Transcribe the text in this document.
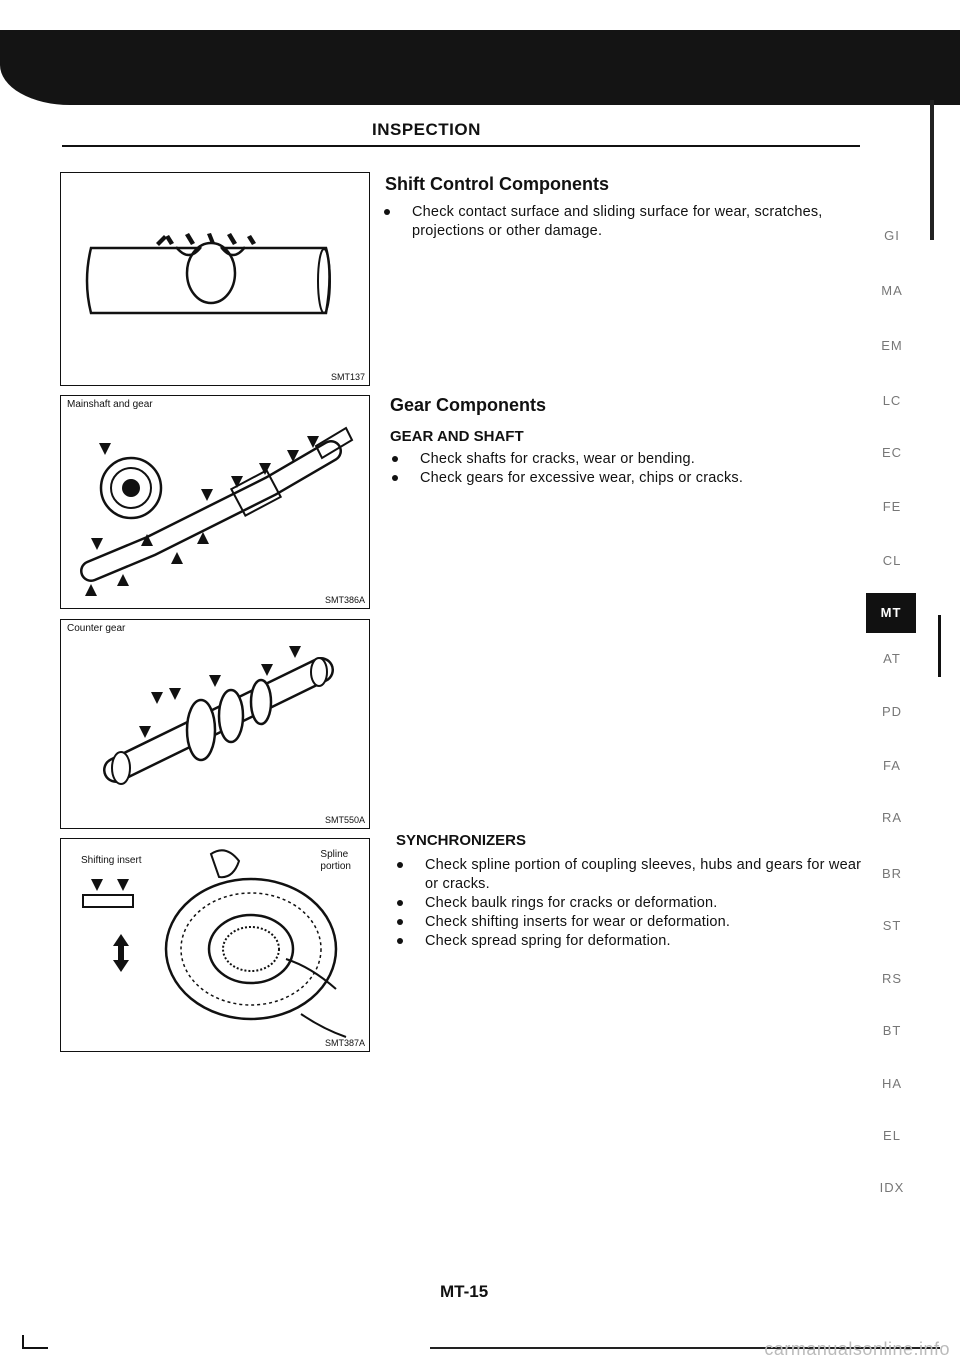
INSPECTION
SMT137
Mainshaft and gear
SMT386A
Counter gear
SMT550A
Shifting insert
Spline
portion
SMT387A
Shift Control Components
Check contact surface and sliding surface for wear, scratches, projections or other damage.
Gear Components
GEAR AND SHAFT
Check shafts for cracks, wear or bending.
Check gears for excessive wear, chips or cracks.
SYNCHRONIZERS
Check spline portion of coupling sleeves, hubs and gears for wear or cracks.
Check baulk rings for cracks or deformation.
Check shifting inserts for wear or deformation.
Check spread spring for deformation.
GI
MA
EM
LC
EC
FE
CL
MT
AT
PD
FA
RA
BR
ST
RS
BT
HA
EL
IDX
MT-15
carmanualsonline.info
